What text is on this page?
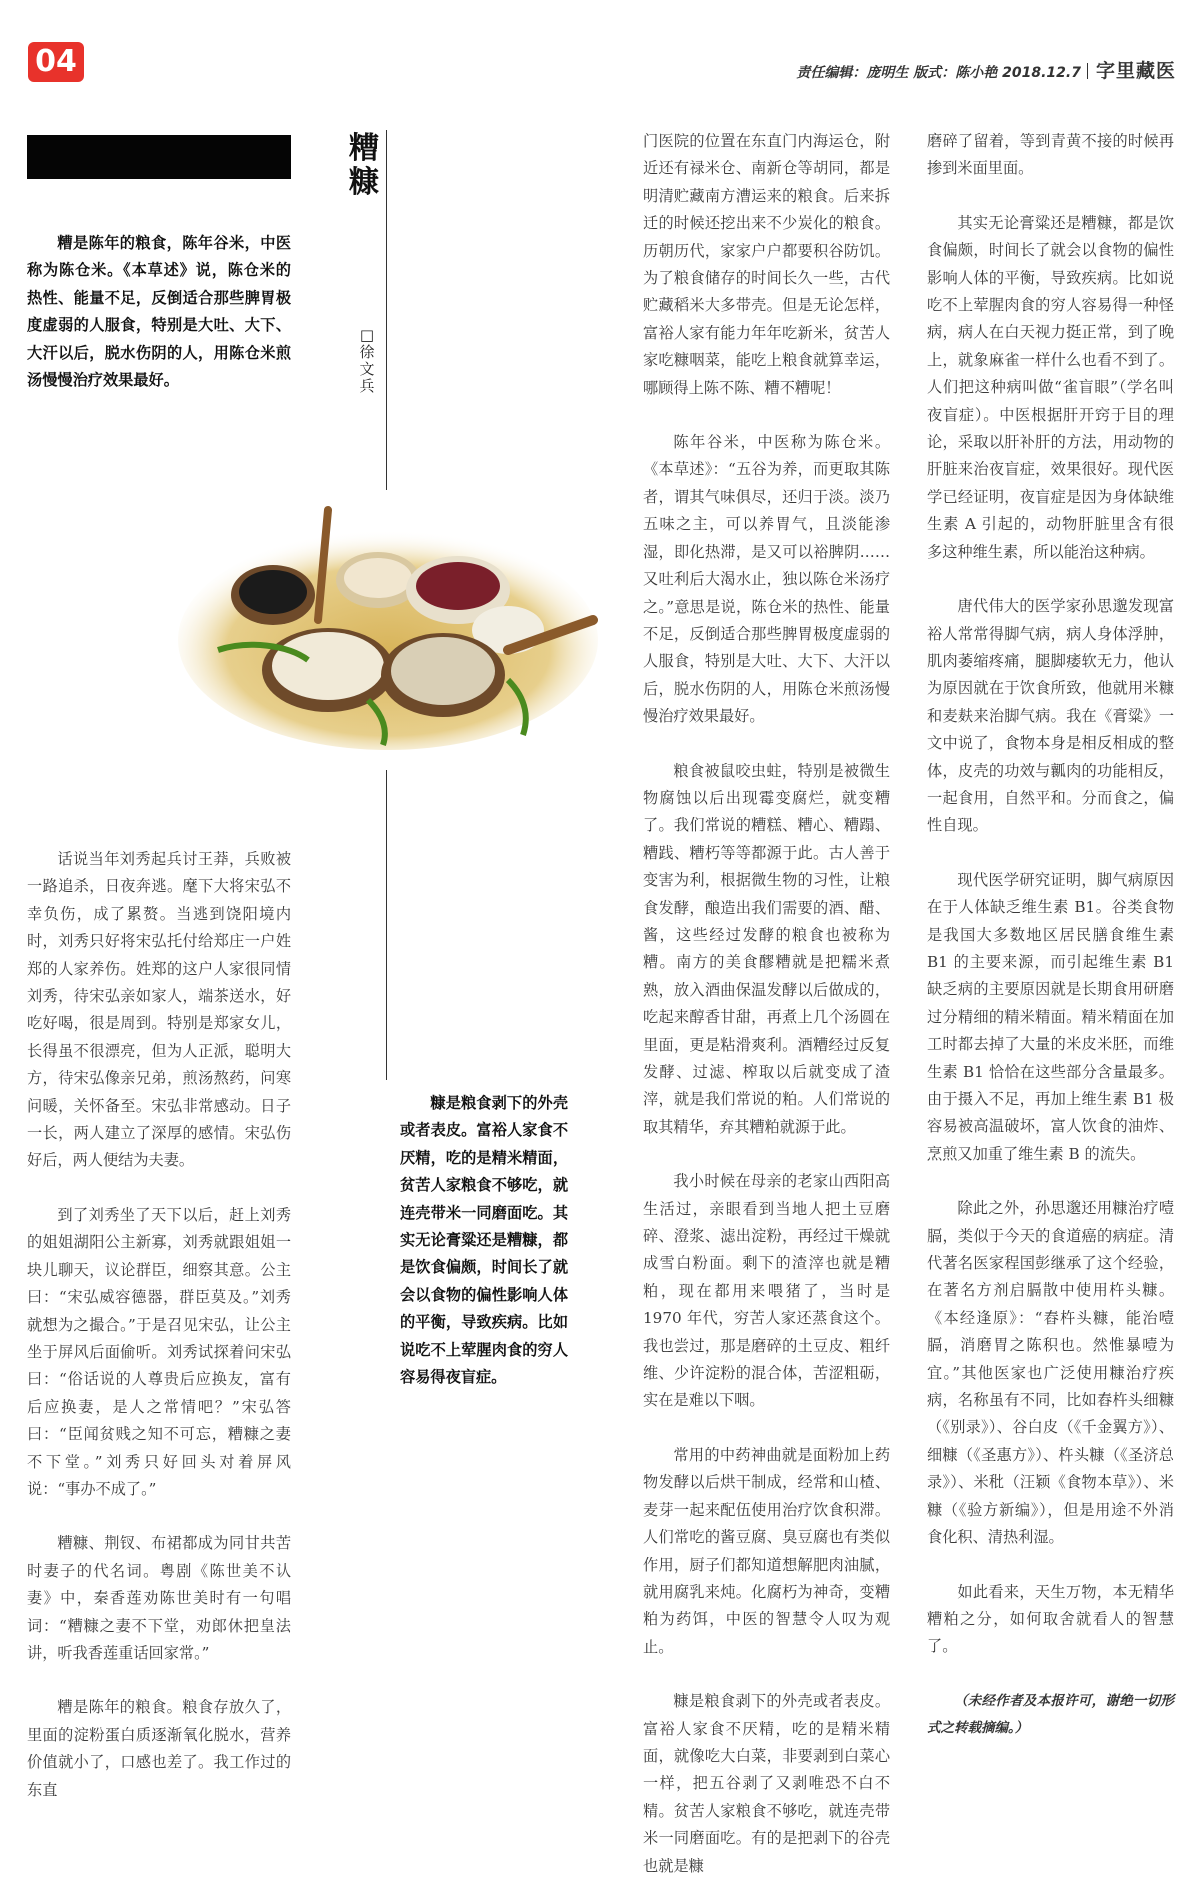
04	责任编辑：庞明生 版式：陈小艳 2018.12.7 字里藏医
糟糠
□徐文兵

糟是陈年的粮食，陈年谷米，中医称为陈仓米。《本草述》说，陈仓米的热性、能量不足，反倒适合那些脾胃极度虚弱的人服食，特别是大吐、大下、大汗以后，脱水伤阴的人，用陈仓米煎汤慢慢治疗效果最好。

话说当年刘秀起兵讨王莽，兵败被一路追杀，日夜奔逃。麾下大将宋弘不幸负伤，成了累赘。当逃到饶阳境内时，刘秀只好将宋弘托付给郑庄一户姓郑的人家养伤。姓郑的这户人家很同情刘秀，待宋弘亲如家人，端茶送水，好吃好喝，很是周到。特别是郑家女儿，长得虽不很漂亮，但为人正派，聪明大方，待宋弘像亲兄弟，煎汤熬药，问寒问暖，关怀备至。宋弘非常感动。日子一长，两人建立了深厚的感情。宋弘伤好后，两人便结为夫妻。

到了刘秀坐了天下以后，赶上刘秀的姐姐湖阳公主新寡，刘秀就跟姐姐一块儿聊天，议论群臣，细察其意。公主曰：“宋弘威容德器，群臣莫及。”刘秀就想为之撮合。”于是召见宋弘，让公主坐于屏风后面偷听。刘秀试探着问宋弘曰：“俗话说的人尊贵后应换友，富有后应换妻，是人之常情吧？”宋弘答曰：“臣闻贫贱之知不可忘，糟糠之妻不下堂。”刘秀只好回头对着屏风说：“事办不成了。”

糟糠、荆钗、布裙都成为同甘共苦时妻子的代名词。粤剧《陈世美不认妻》中，秦香莲劝陈世美时有一句唱词：“糟糠之妻不下堂，劝郎休把皇法讲，听我香莲重话回家常。”

糟是陈年的粮食。粮食存放久了，里面的淀粉蛋白质逐渐氧化脱水，营养价值就小了，口感也差了。我工作过的东直

糠是粮食剥下的外壳或者表皮。富裕人家食不厌精，吃的是精米精面，贫苦人家粮食不够吃，就连壳带米一同磨面吃。其实无论膏粱还是糟糠，都是饮食偏颇，时间长了就会以食物的偏性影响人体的平衡，导致疾病。比如说吃不上荤腥肉食的穷人容易得夜盲症。

门医院的位置在东直门内海运仓，附近还有禄米仓、南新仓等胡同，都是明清贮藏南方漕运来的粮食。后来拆迁的时候还挖出来不少炭化的粮食。历朝历代，家家户户都要积谷防饥。为了粮食储存的时间长久一些，古代贮藏稻米大多带壳。但是无论怎样，富裕人家有能力年年吃新米，贫苦人家吃糠咽菜，能吃上粮食就算幸运，哪顾得上陈不陈、糟不糟呢！

陈年谷米，中医称为陈仓米。《本草述》：“五谷为养，而更取其陈者，谓其气味俱尽，还归于淡。淡乃五味之主，可以养胃气，且淡能渗湿，即化热滞，是又可以裕脾阴……又吐利后大渴水止，独以陈仓米汤疗之。”意思是说，陈仓米的热性、能量不足，反倒适合那些脾胃极度虚弱的人服食，特别是大吐、大下、大汗以后，脱水伤阴的人，用陈仓米煎汤慢慢治疗效果最好。

粮食被鼠咬虫蛀，特别是被微生物腐蚀以后出现霉变腐烂，就变糟了。我们常说的糟糕、糟心、糟蹋、糟践、糟朽等等都源于此。古人善于变害为利，根据微生物的习性，让粮食发酵，酿造出我们需要的酒、醋、酱，这些经过发酵的粮食也被称为糟。南方的美食醪糟就是把糯米煮熟，放入酒曲保温发酵以后做成的，吃起来醇香甘甜，再煮上几个汤圆在里面，更是粘滑爽利。酒糟经过反复发酵、过滤、榨取以后就变成了渣滓，就是我们常说的粕。人们常说的取其精华，弃其糟粕就源于此。

我小时候在母亲的老家山西阳高生活过，亲眼看到当地人把土豆磨碎、澄浆、滤出淀粉，再经过干燥就成雪白粉面。剩下的渣滓也就是糟粕，现在都用来喂猪了，当时是 1970 年代，穷苦人家还蒸食这个。我也尝过，那是磨碎的土豆皮、粗纤维、少许淀粉的混合体，苦涩粗砺，实在是难以下咽。

常用的中药神曲就是面粉加上药物发酵以后烘干制成，经常和山楂、麦芽一起来配伍使用治疗饮食积滞。人们常吃的酱豆腐、臭豆腐也有类似作用，厨子们都知道想解肥肉油腻，就用腐乳来炖。化腐朽为神奇，变糟粕为药饵，中医的智慧令人叹为观止。

糠是粮食剥下的外壳或者表皮。富裕人家食不厌精，吃的是精米精面，就像吃大白菜，非要剥到白菜心一样，把五谷剥了又剥唯恐不白不精。贫苦人家粮食不够吃，就连壳带米一同磨面吃。有的是把剥下的谷壳也就是糠

磨碎了留着，等到青黄不接的时候再掺到米面里面。

其实无论膏粱还是糟糠，都是饮食偏颇，时间长了就会以食物的偏性影响人体的平衡，导致疾病。比如说吃不上荤腥肉食的穷人容易得一种怪病，病人在白天视力挺正常，到了晚上，就象麻雀一样什么也看不到了。人们把这种病叫做“雀盲眼”（学名叫夜盲症）。中医根据肝开窍于目的理论，采取以肝补肝的方法，用动物的肝脏来治夜盲症，效果很好。现代医学已经证明，夜盲症是因为身体缺维生素 A 引起的，动物肝脏里含有很多这种维生素，所以能治这种病。

唐代伟大的医学家孙思邈发现富裕人常常得脚气病，病人身体浮肿，肌肉萎缩疼痛，腿脚痿软无力，他认为原因就在于饮食所致，他就用米糠和麦麸来治脚气病。我在《膏粱》一文中说了，食物本身是相反相成的整体，皮壳的功效与瓤肉的功能相反，一起食用，自然平和。分而食之，偏性自现。

现代医学研究证明，脚气病原因在于人体缺乏维生素 B1。谷类食物是我国大多数地区居民膳食维生素 B1 的主要来源，而引起维生素 B1 缺乏病的主要原因就是长期食用研磨过分精细的精米精面。精米精面在加工时都去掉了大量的米皮米胚，而维生素 B1 恰恰在这些部分含量最多。由于摄入不足，再加上维生素 B1 极容易被高温破坏，富人饮食的油炸、烹煎又加重了维生素 B 的流失。

除此之外，孙思邈还用糠治疗噎膈，类似于今天的食道癌的病症。清代著名医家程国彭继承了这个经验，在著名方剂启膈散中使用杵头糠。《本经逢原》：“舂杵头糠，能治噎膈，消磨胃之陈积也。然惟暴噎为宜。”其他医家也广泛使用糠治疗疾病，名称虽有不同，比如舂杵头细糠（《别录》）、谷白皮（《千金翼方》）、细糠（《圣惠方》）、杵头糠（《圣济总录》）、米秕（汪颖《食物本草》）、米糠（《验方新编》），但是用途不外消食化积、清热利湿。

如此看来，天生万物，本无精华糟粕之分，如何取舍就看人的智慧了。

（未经作者及本报许可，谢绝一切形式之转载摘编。）
